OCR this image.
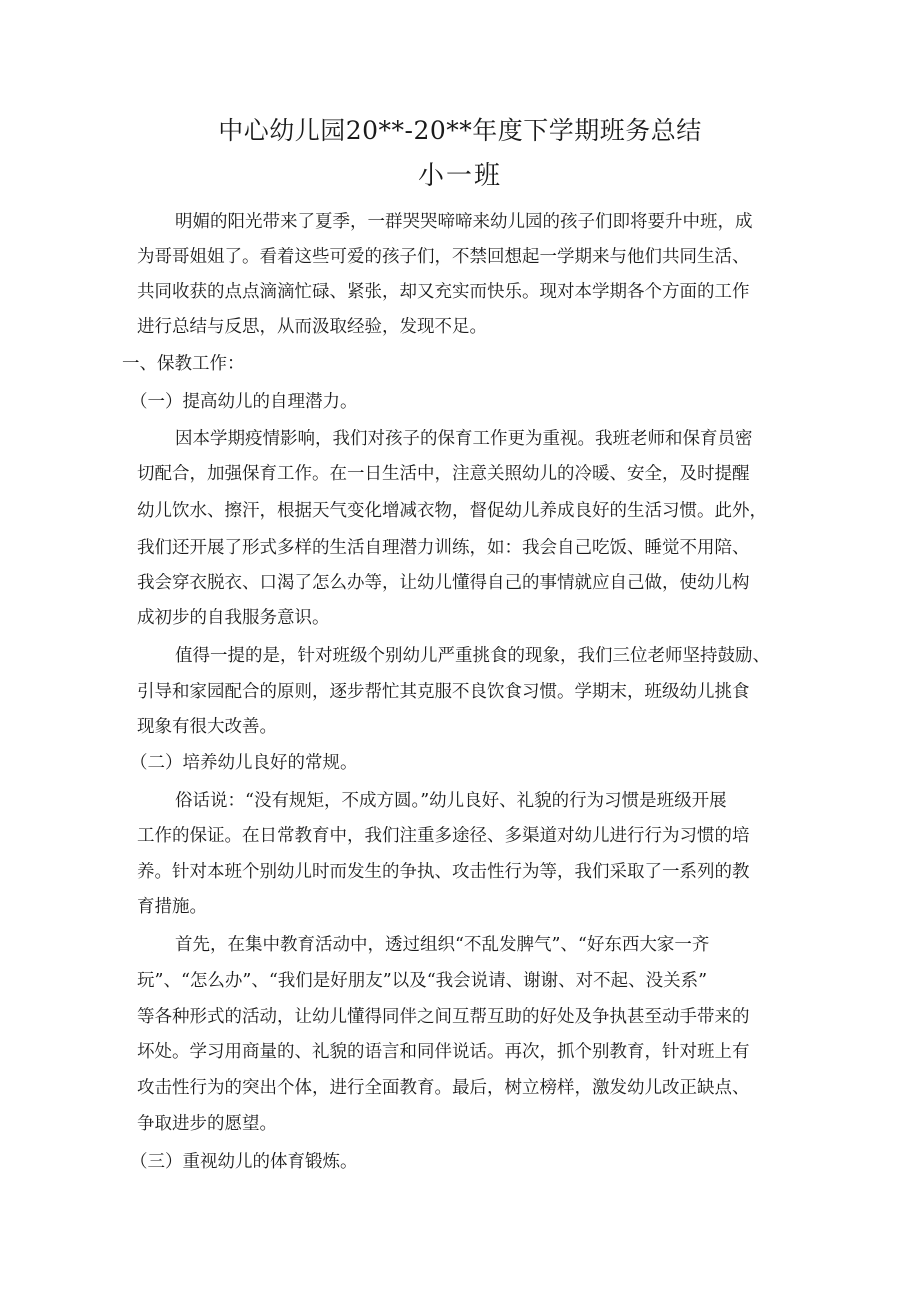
中心幼儿园20**-20**年度下学期班务总结
小一班
明媚的阳光带来了夏季，一群哭哭啼啼来幼儿园的孩子们即将要升中班，成
为哥哥姐姐了。看着这些可爱的孩子们，不禁回想起一学期来与他们共同生活、
共同收获的点点滴滴忙碌、紧张，却又充实而快乐。现对本学期各个方面的工作
进行总结与反思，从而汲取经验，发现不足。
一、保教工作：
（一）提高幼儿的自理潜力。
因本学期疫情影响，我们对孩子的保育工作更为重视。我班老师和保育员密
切配合，加强保育工作。在一日生活中，注意关照幼儿的冷暖、安全，及时提醒
幼儿饮水、擦汗，根据天气变化增减衣物，督促幼儿养成良好的生活习惯。此外，
我们还开展了形式多样的生活自理潜力训练，如：我会自己吃饭、睡觉不用陪、
我会穿衣脱衣、口渴了怎么办等，让幼儿懂得自己的事情就应自己做，使幼儿构
成初步的自我服务意识。
值得一提的是，针对班级个别幼儿严重挑食的现象，我们三位老师坚持鼓励、
引导和家园配合的原则，逐步帮忙其克服不良饮食习惯。学期末，班级幼儿挑食
现象有很大改善。
（二）培养幼儿良好的常规。
俗话说：“没有规矩，不成方圆。”幼儿良好、礼貌的行为习惯是班级开展
工作的保证。在日常教育中，我们注重多途径、多渠道对幼儿进行行为习惯的培
养。针对本班个别幼儿时而发生的争执、攻击性行为等，我们采取了一系列的教
育措施。
首先，在集中教育活动中，透过组织“不乱发脾气”、“好东西大家一齐
玩”、“怎么办”、“我们是好朋友”以及“我会说请、谢谢、对不起、没关系”
等各种形式的活动，让幼儿懂得同伴之间互帮互助的好处及争执甚至动手带来的
坏处。学习用商量的、礼貌的语言和同伴说话。再次，抓个别教育，针对班上有
攻击性行为的突出个体，进行全面教育。最后，树立榜样，激发幼儿改正缺点、
争取进步的愿望。
（三）重视幼儿的体育锻炼。
